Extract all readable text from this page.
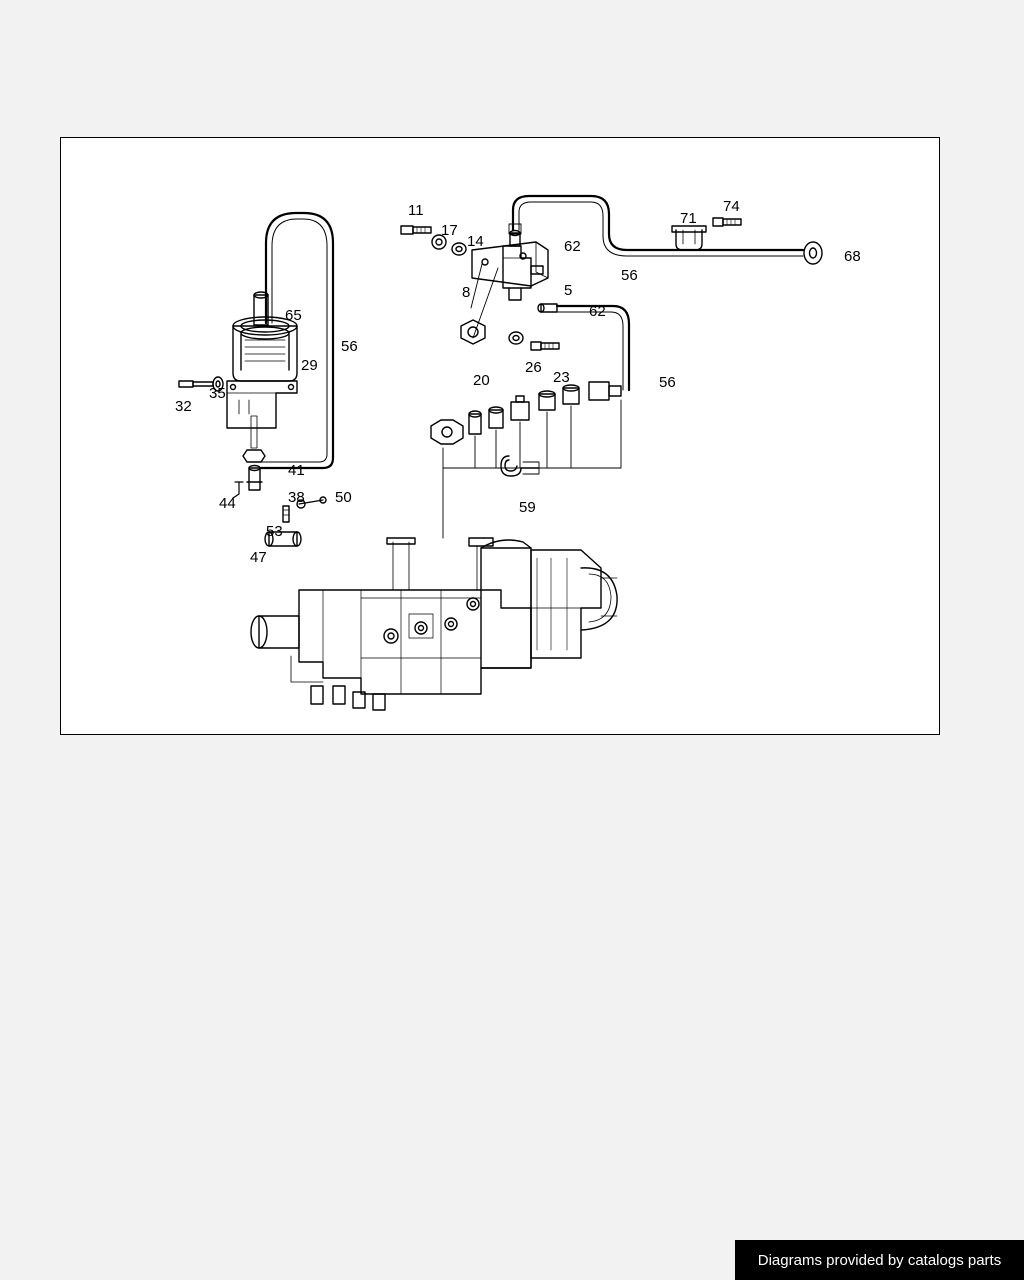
11
17
14	62
71
74
68
56
5
8
62
65
56
29	26
23
20	56
32
35
41
38
44	50
53
47
59
Diagrams provided by catalogs parts
